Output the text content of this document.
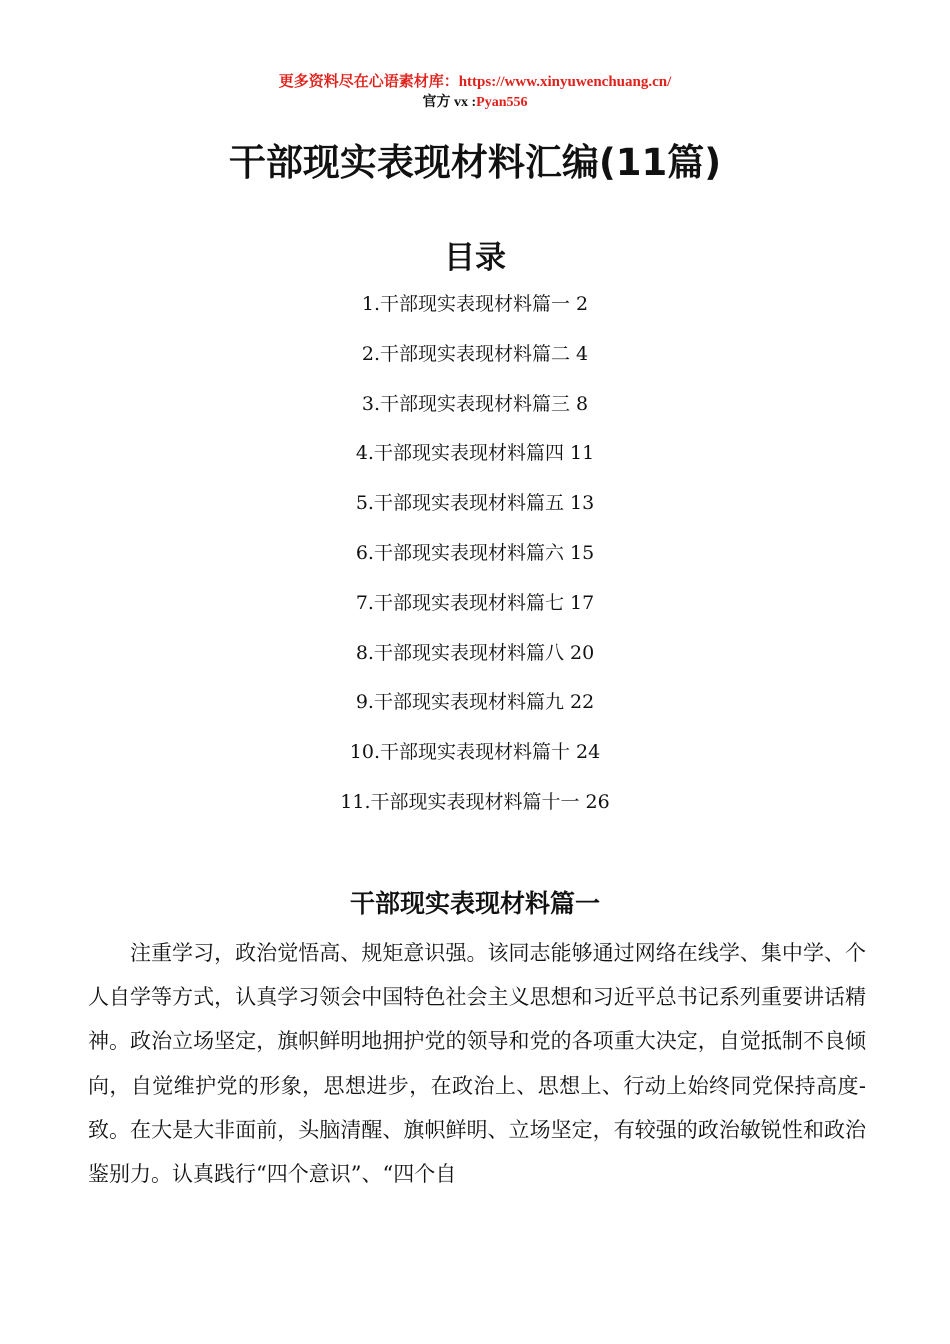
更多资料尽在心语素材库：https://www.xinyuwenchuang.cn/
官方 vx :Pyan556
干部现实表现材料汇编(11篇)
目录
1.干部现实表现材料篇一 2
2.干部现实表现材料篇二 4
3.干部现实表现材料篇三 8
4.干部现实表现材料篇四 11
5.干部现实表现材料篇五 13
6.干部现实表现材料篇六 15
7.干部现实表现材料篇七 17
8.干部现实表现材料篇八 20
9.干部现实表现材料篇九 22
10.干部现实表现材料篇十 24
11.干部现实表现材料篇十一 26
干部现实表现材料篇一
注重学习，政治觉悟高、规矩意识强。该同志能够通过网络在线学、集中学、个人自学等方式，认真学习领会中国特色社会主义思想和习近平总书记系列重要讲话精神。政治立场坚定，旗帜鲜明地拥护党的领导和党的各项重大决定，自觉抵制不良倾向，自觉维护党的形象，思想进步，在政治上、思想上、行动上始终同党保持高度-致。在大是大非面前，头脑清醒、旗帜鲜明、立场坚定，有较强的政治敏锐性和政治鉴别力。认真践行“四个意识”、“四个自
